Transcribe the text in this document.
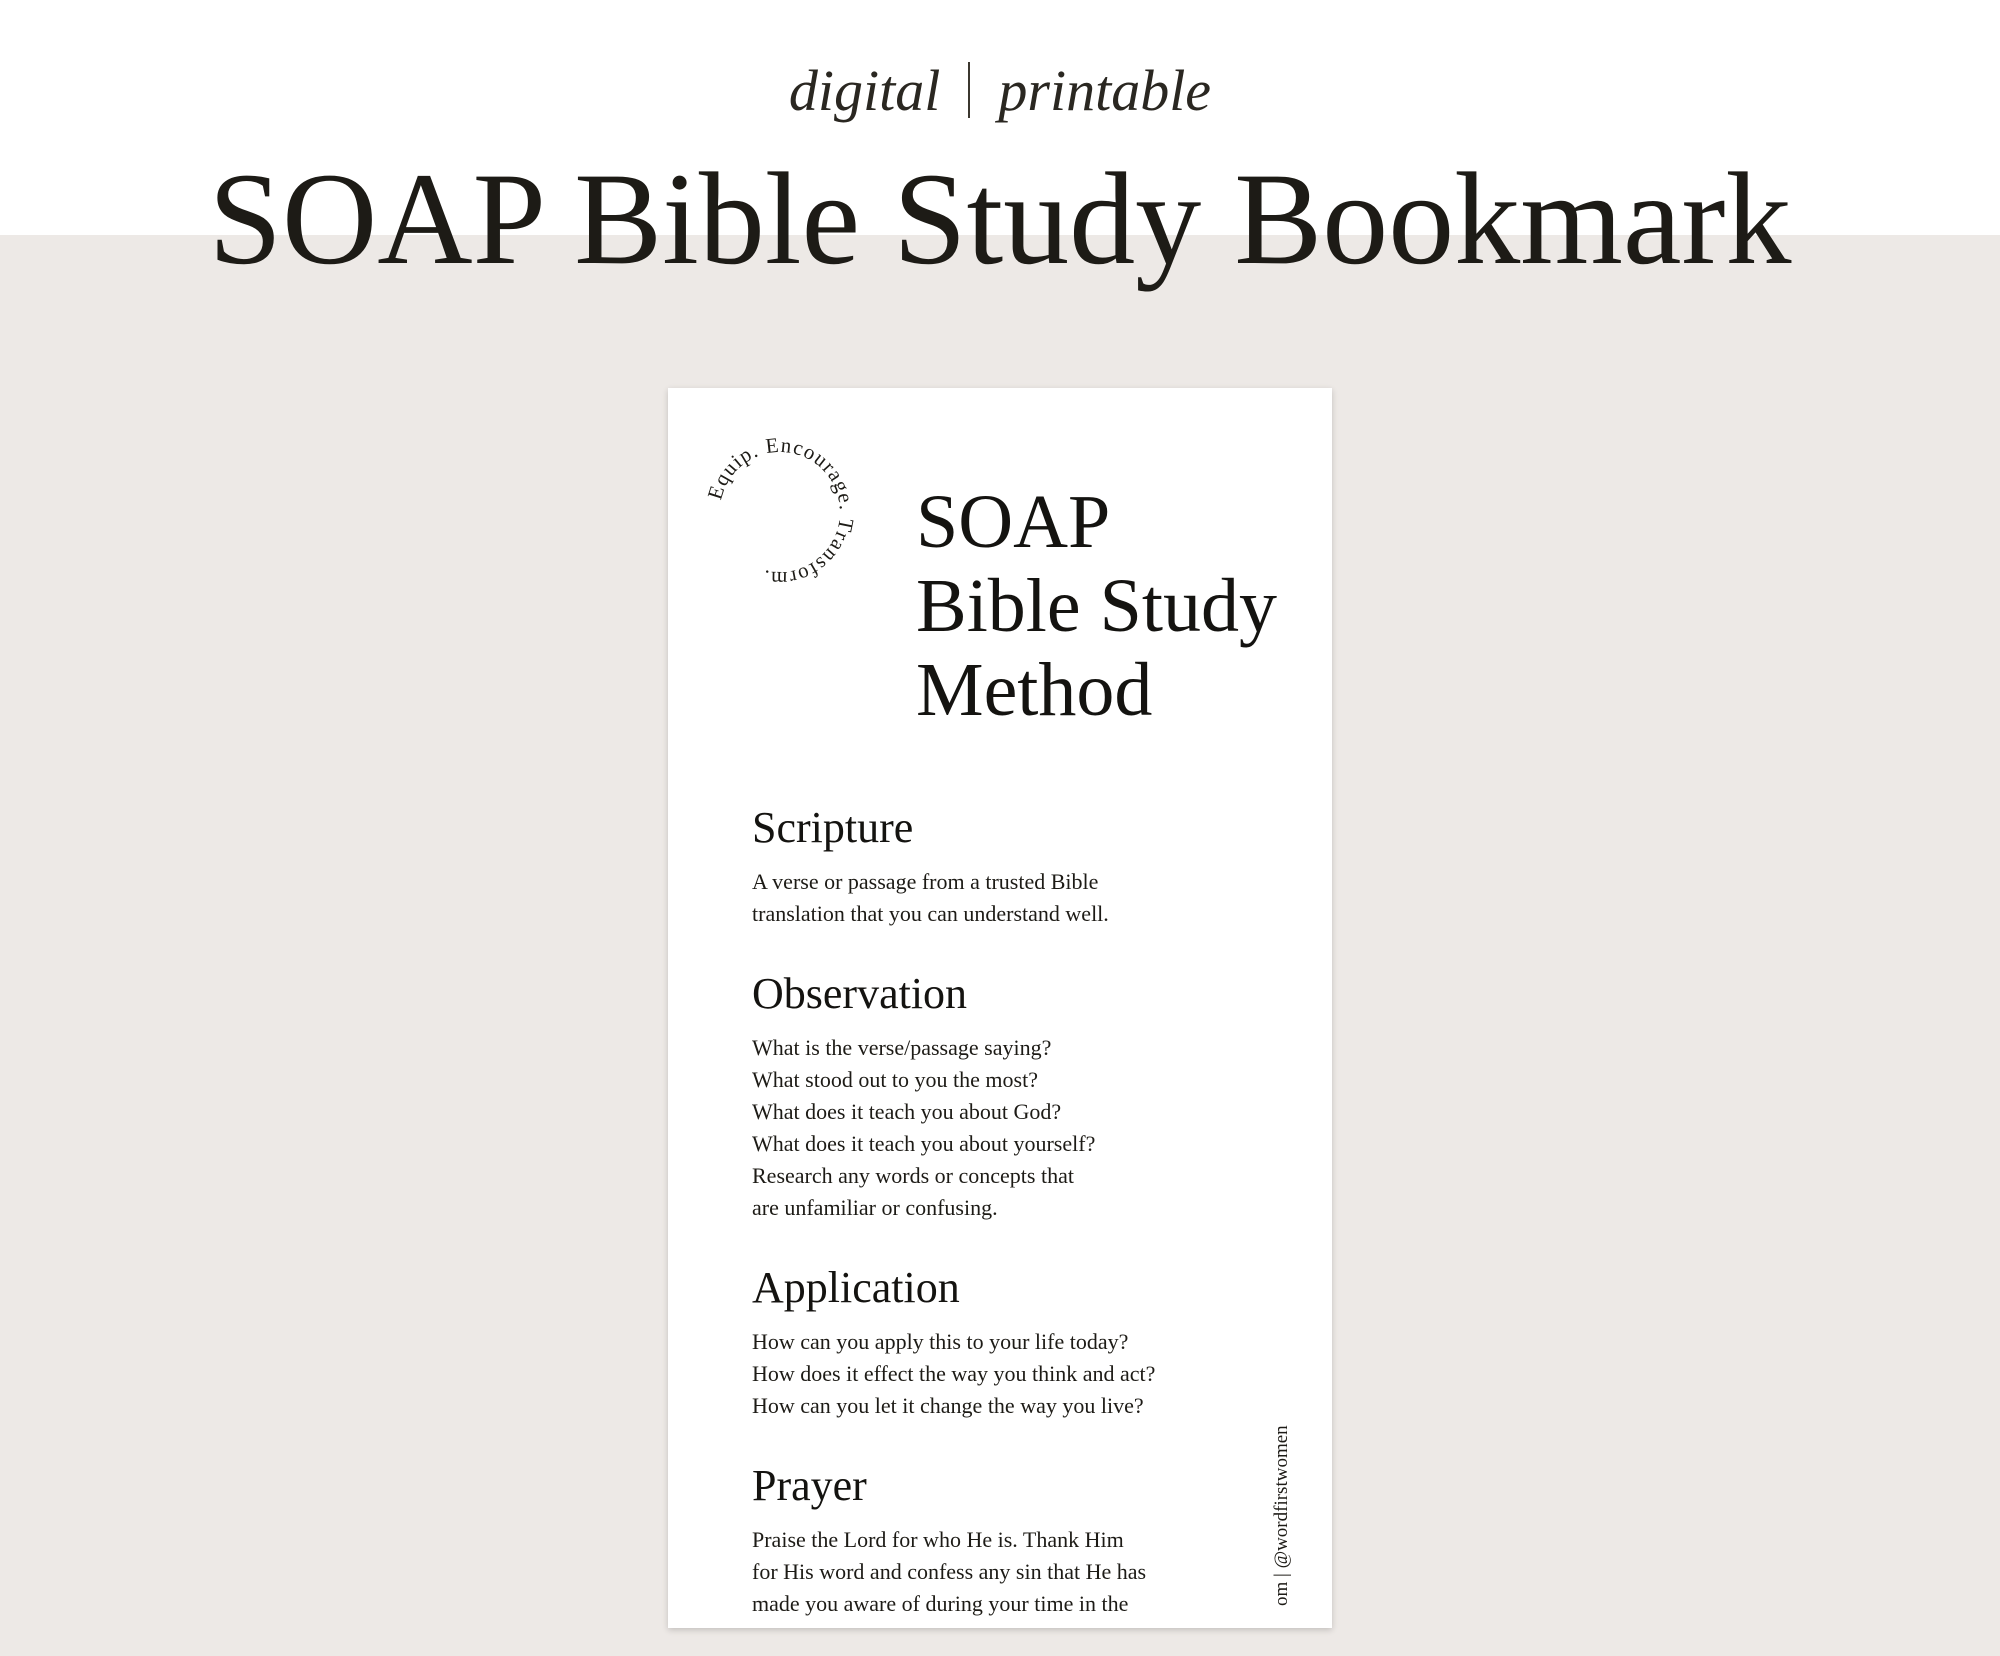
digital printable
SOAP Bible Study Bookmark
Equip. Encourage. Transform.
SOAP
Bible Study
Method
Scripture
A verse or passage from a trusted Bible
translation that you can understand well.
Observation
What is the verse/passage saying?
What stood out to you the most?
What does it teach you about God?
What does it teach you about yourself?
Research any words or concepts that
are unfamiliar or confusing.
Application
How can you apply this to your life today?
How does it effect the way you think and act?
How can you let it change the way you live?
Prayer
Praise the Lord for who He is. Thank Him
for His word and confess any sin that He has
made you aware of during your time in the	om | @wordfirstwomen
